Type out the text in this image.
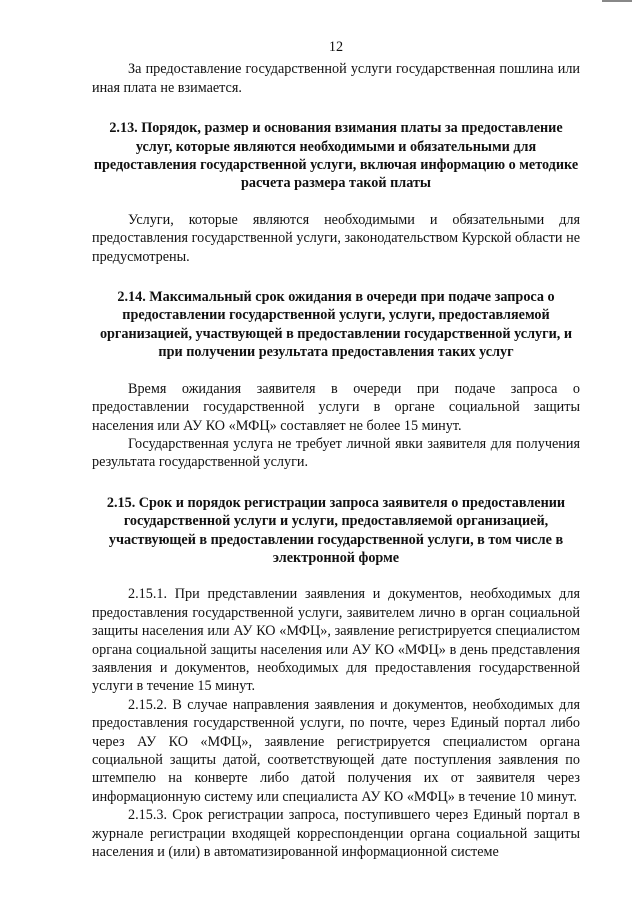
12

За предоставление государственной услуги государственная пошлина или иная плата не взимается.

2.13. Порядок, размер и основания взимания платы за предоставление услуг, которые являются необходимыми и обязательными для предоставления государственной услуги, включая информацию о методике расчета размера такой платы

Услуги, которые являются необходимыми и обязательными для предоставления государственной услуги, законодательством Курской области не предусмотрены.

2.14. Максимальный срок ожидания в очереди при подаче запроса о предоставлении государственной услуги, услуги, предоставляемой организацией, участвующей в предоставлении государственной услуги, и при получении результата предоставления таких услуг

Время ожидания заявителя в очереди при подаче запроса о предоставлении государственной услуги в органе социальной защиты населения или АУ КО «МФЦ» составляет не более 15 минут.

Государственная услуга не требует личной явки заявителя для получения результата государственной услуги.

2.15. Срок и порядок регистрации запроса заявителя о предоставлении государственной услуги и услуги, предоставляемой организацией, участвующей в предоставлении государственной услуги, в том числе в электронной форме

2.15.1. При представлении заявления и документов, необходимых для предоставления государственной услуги, заявителем лично в орган социальной защиты населения или АУ КО «МФЦ», заявление регистрируется специалистом органа социальной защиты населения или АУ КО «МФЦ» в день представления заявления и документов, необходимых для предоставления государственной услуги в течение 15 минут.

2.15.2. В случае направления заявления и документов, необходимых для предоставления государственной услуги, по почте, через Единый портал либо через АУ КО «МФЦ», заявление регистрируется специалистом органа социальной защиты датой, соответствующей дате поступления заявления по штемпелю на конверте либо датой получения их от заявителя через информационную систему или специалиста АУ КО «МФЦ» в течение 10 минут.

2.15.3. Срок регистрации запроса, поступившего через Единый портал в журнале регистрации входящей корреспонденции органа социальной защиты населения и (или) в автоматизированной информационной системе
